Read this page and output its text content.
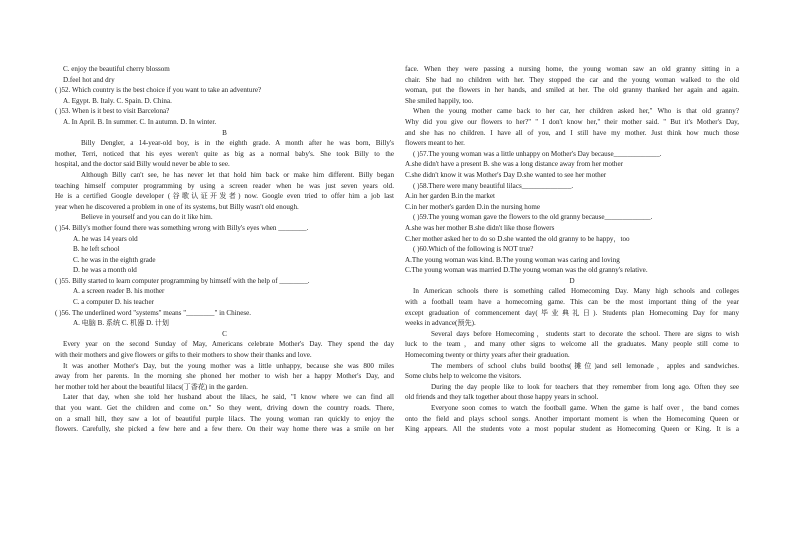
C. enjoy the beautiful cherry blossom
D.feel hot and dry
( )52. Which country is the best choice if you want to take an adventure?
A. Egypt. B. Italy. C. Spain. D. China.
( )53. When is it best to visit Barcelona?
A. In April. B. In summer. C. In autumn. D. In winter.
B
Billy Dengler, a 14-year-old boy, is in the eighth grade. A month after he was born, Billy's
mother, Terri, noticed that his eyes weren't quite as big as a normal baby's. She took Billy to the
hospital, and the doctor said Billy would never be able to see.
Although Billy can't see, he has never let that hold him back or make him different. Billy began
teaching himself computer programming by using a screen reader when he was just seven years old.
He is a certified Google developer (谷歌认证开发者) now. Google even tried to offer him a job last
year when he discovered a problem in one of its systems, but Billy wasn't old enough.
Believe in yourself and you can do it like him.
( )54. Billy's mother found there was something wrong with Billy's eyes when ________.
A. he was 14 years old
B. he left school
C. he was in the eighth grade
D. he was a month old
( )55. Billy started to learn computer programming by himself with the help of ________.
A. a screen reader B. his mother
C. a computer D. his teacher
( )56. The underlined word "systems" means "________" in Chinese.
A. 电脑 B. 系统 C. 机器 D. 计划
C
Every year on the second Sunday of May, Americans celebrate Mother's Day. They spend the day
with their mothers and give flowers or gifts to their mothers to show their thanks and love.
It was another Mother's Day, but the young mother was a little unhappy, because she was 800 miles
away from her parents. In the morning she phoned her mother to wish her a happy Mother's Day, and
her mother told her about the beautiful lilacs(丁香花) in the garden.
Later that day, when she told her husband about the lilacs, he said, "I know where we can find all
that you want. Get the children and come on." So they went, driving down the country roads. There,
on a small hill, they saw a lot of beautiful purple lilacs. The young woman ran quickly to enjoy the
flowers. Carefully, she picked a few here and a few there. On their way home there was a smile on her
face. When they were passing a nursing home, the young woman saw an old granny sitting in a
chair. She had no children with her. They stopped the car and the young woman walked to the old
woman, put the flowers in her hands, and smiled at her. The old granny thanked her again and again.
She smiled happily, too.
When the young mother came back to her car, her children asked her," Who is that old granny?
Why did you give our flowers to her?" " I don't know her," their mother said. " But it's Mother's Day,
and she has no children. I have all of you, and I still have my mother. Just think how much those
flowers meant to her.
( )57.The young woman was a little unhappy on Mother's Day because_____________.
A.she didn't have a present B. she was a long distance away from her mother
C.she didn't know it was Mother's Day D.she wanted to see her mother
( )58.There were many beautiful lilacs______________.
A.in her garden B.in the market
C.in her mother's garden D.in the nursing home
( )59.The young woman gave the flowers to the old granny because_____________.
A.she was her mother B.she didn't like those flowers
C.her mother asked her to do so D.she wanted the old granny to be happy，too
( )60.Which of the following is NOT true?
A.The young woman was kind. B.The young woman was caring and loving
C.The young woman was married D.The young woman was the old granny's relative.
D
In American schools there is something called Homecoming Day. Many high schools and colleges
with a football team have a homecoming game. This can be the most important thing of the year
except graduation of commencement day(毕业典礼日). Students plan Homecoming Day for many
weeks in advance(预先).
Several days before Homecoming，students start to decorate the school. There are signs to wish
luck to the team，and many other signs to welcome all the graduates. Many people still come to
Homecoming twenty or thirty years after their graduation.
The members of school clubs build booths(摊位)and sell lemonade，apples and sandwiches.
Some clubs help to welcome the visitors.
During the day people like to look for teachers that they remember from long ago. Often they see
old friends and they talk together about those happy years in school.
Everyone soon comes to watch the football game. When the game is half over，the band comes
onto the field and plays school songs. Another important moment is when the Homecoming Queen or
King appears. All the students vote a most popular student as Homecoming Queen or King. It is a
